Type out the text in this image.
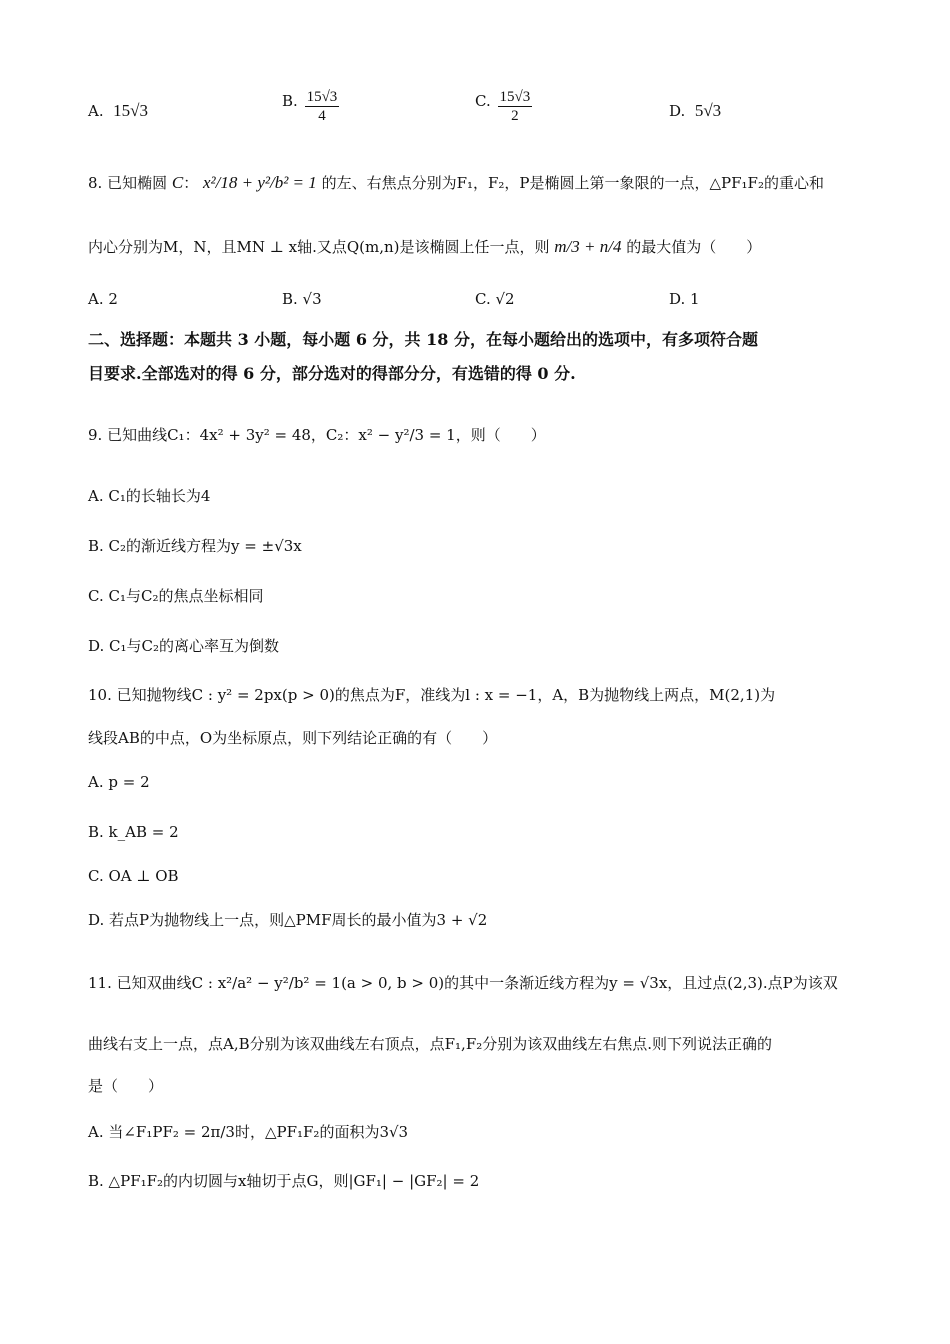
A. 15√3	B. $\frac{15√3}{4}$	C. $\frac{15√3}{2}$	D. 5√3
8. 已知椭圆 C： x²/18 + y²/b² = 1 的左、右焦点分别为F₁，F₂，P是椭圆上第一象限的一点，△PF₁F₂的重心和
内心分别为M，N，且MN ⊥ x轴.又点Q(m,n)是该椭圆上任一点，则 m/3 + n/4 的最大值为（　　）
A. 2	B. √3	C. √2	D. 1
二、选择题：本题共 3 小题，每小题 6 分，共 18 分，在每小题给出的选项中，有多项符合题
目要求.全部选对的得 6 分，部分选对的得部分分，有选错的得 0 分.
9. 已知曲线C₁：4x² + 3y² = 48，C₂：x² − y²/3 = 1，则（　　）
A. C₁的长轴长为4
B. C₂的渐近线方程为y = ±√3x
C. C₁与C₂的焦点坐标相同
D. C₁与C₂的离心率互为倒数
10. 已知抛物线C : y² = 2px(p > 0)的焦点为F，准线为l : x = −1，A，B为抛物线上两点，M(2,1)为
线段AB的中点，O为坐标原点，则下列结论正确的有（　　）
A. p = 2
B. k_AB = 2
C. OA ⊥ OB
D. 若点P为抛物线上一点，则△PMF周长的最小值为3 + √2
11. 已知双曲线C : x²/a² − y²/b² = 1(a > 0, b > 0)的其中一条渐近线方程为y = √3x，且过点(2,3).点P为该双
曲线右支上一点，点A,B分别为该双曲线左右顶点，点F₁,F₂分别为该双曲线左右焦点.则下列说法正确的
是（　　）
A. 当∠F₁PF₂ = 2π/3时，△PF₁F₂的面积为3√3
B. △PF₁F₂的内切圆与x轴切于点G，则|GF₁| − |GF₂| = 2
